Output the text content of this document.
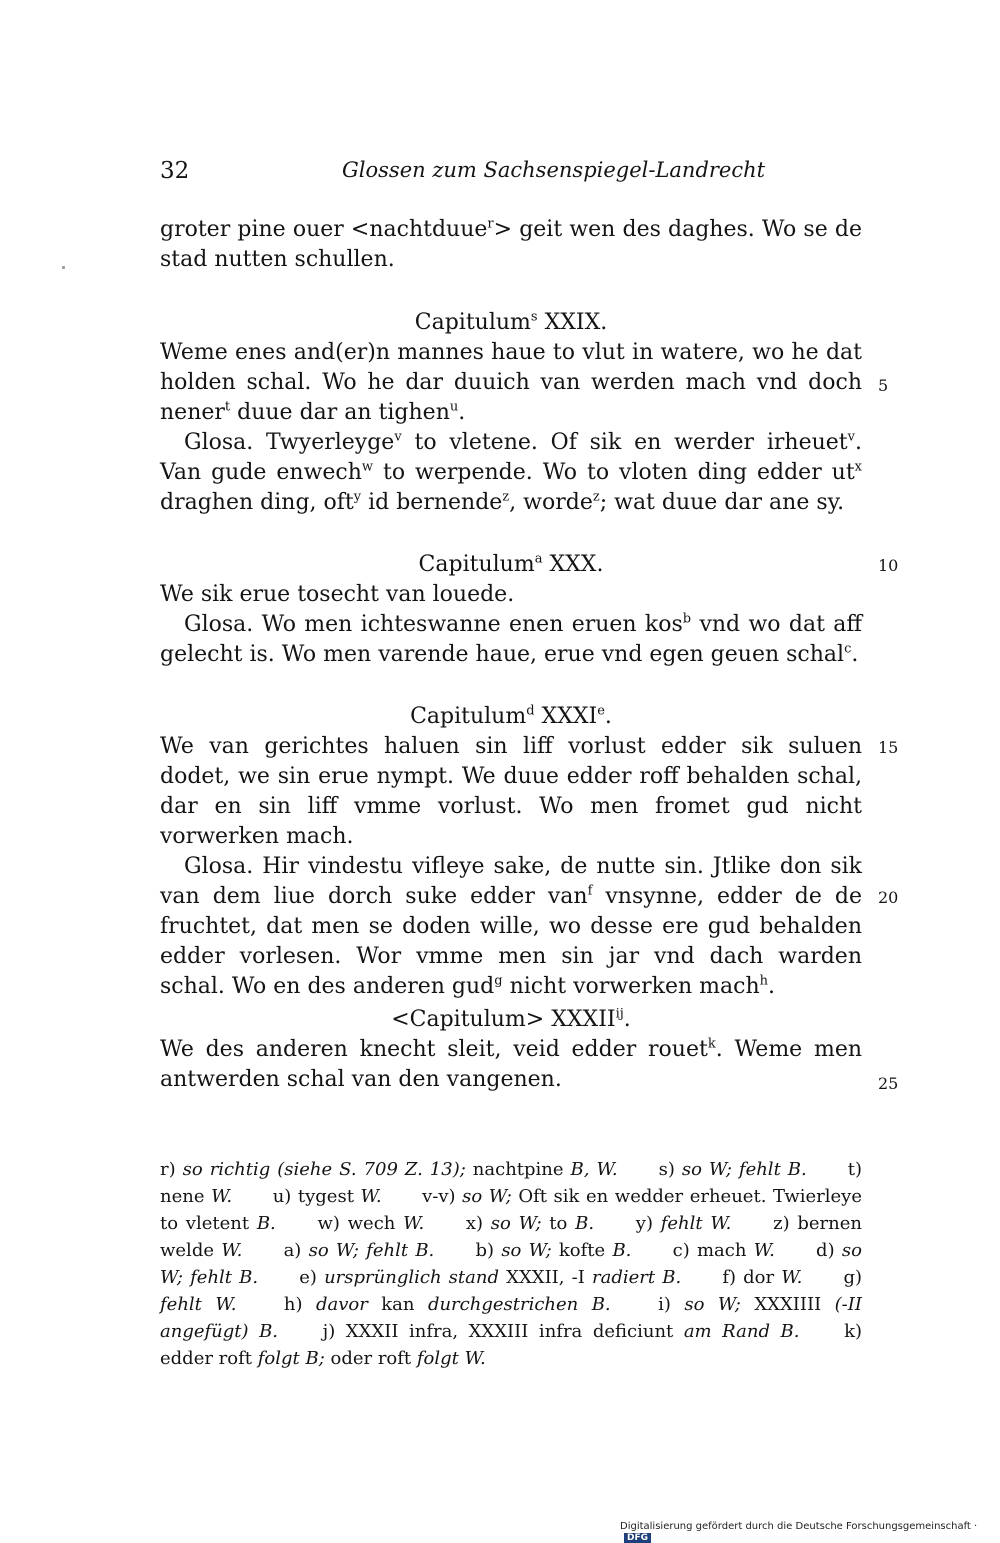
32	Glossen zum Sachsenspiegel-Landrecht

groter pine ouer <nachtduue$^r$> geit wen des daghes. Wo se de stad nutten schullen.

Capitulum$^s$ XXIX.

Weme enes and(er)n mannes haue to vlut in watere, wo he dat holden schal. Wo he dar duuich van werden mach vnd doch nener$^t$ duue dar an tighen$^u$.

Glosa. Twyerleyge$^v$ to vletene. Of sik en werder irheuet$^v$. Van gude enwech$^w$ to werpende. Wo to vloten ding edder $ut^x$ draghen ding, oft$^y$ id bernende$^z$, worde$^z$; wat duue dar ane sy.

Capitulum$^a$ XXX.

We sik erue tosecht van louede.

Glosa. Wo men ichteswanne enen eruen kos$^b$ vnd wo dat aff gelecht is. Wo men varende haue, erue vnd egen geuen schal$^c$.

Capitulum$^d$ XXXIe.

We van gerichtes haluen sin liff vorlust edder sik suluen dodet, we sin erue nympt. We duue edder roff behalden schal, dar en sin liff vmme vorlust. Wo men fromet gud nicht vorwerken mach.

Glosa. Hir vindestu vifleye sake, de nutte sin. Jtlike don sik van dem liue dorch suke edder van$^f$ vnsynne, edder de de fruchtet, dat men se doden wille, wo desse ere gud behalden edder vorlesen. Wor vmme men sin jar vnd dach warden schal. Wo en des anderen gud$^g$ nicht vorwerken mach$^h$.

<Capitulum> $XXXII^{ij}$.

We des anderen knecht sleit, veid edder rouet$^k$. Weme men antwerden schal van den vangenen.

5
10
15
20
25
r) so richtig (siehe S. 709 Z. 13); nachtpine B, W. s) so W; fehlt B. t) nene W. u) tygest W. v-v) so W; Oft sik en wedder erheuet. Twierleye to vletent B. w) wech W. x) so W; to B. y) fehlt W. z) bernen welde W. a) so W; fehlt B. b) so W; kofte B. c) mach W. d) so W; fehlt B. e) ursprünglich stand XXXII, -I radiert B. f) dor W. g) fehlt W.	h) davor kan durchgestrichen B.	i) so W; XXXIIII (-II angefügt) B. j) XXXII infra, XXXIII infra deficiunt am Rand B. k) edder roft folgt B; oder roft folgt W.
Digitalisierung gefördert durch die Deutsche Forschungsgemeinschaft ·DFG
